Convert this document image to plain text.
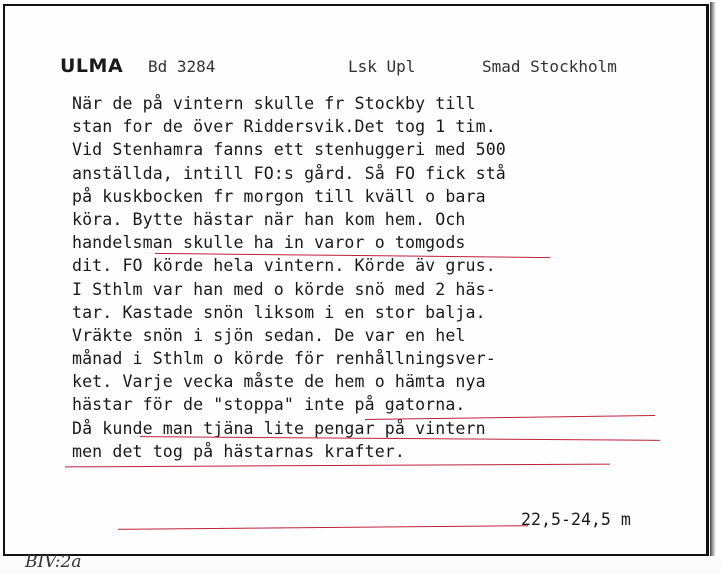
ULMA Bd 3284	Lsk Upl	Smad Stockholm
När de på vintern skulle fr Stockby till
stan for de över Riddersvik.Det tog 1 tim.
Vid Stenhamra fanns ett stenhuggeri med 500
anställda, intill FO:s gård. Så FO fick stå
på kuskbocken fr morgon till kväll o bara
köra. Bytte hästar när han kom hem. Och
handelsman skulle ha in varor o tomgods
dit. FO körde hela vintern. Körde äv grus.
I Sthlm var han med o körde snö med 2 häs-
tar. Kastade snön liksom i en stor balja.
Vräkte snön i sjön sedan. De var en hel
månad i Sthlm o körde för renhållningsver-
ket. Varje vecka måste de hem o hämta nya
hästar för de "stoppa" inte på gatorna.
Då kunde man tjäna lite pengar på vintern
men det tog på hästarnas krafter.
22,5-24,5 m
BIV:2a
